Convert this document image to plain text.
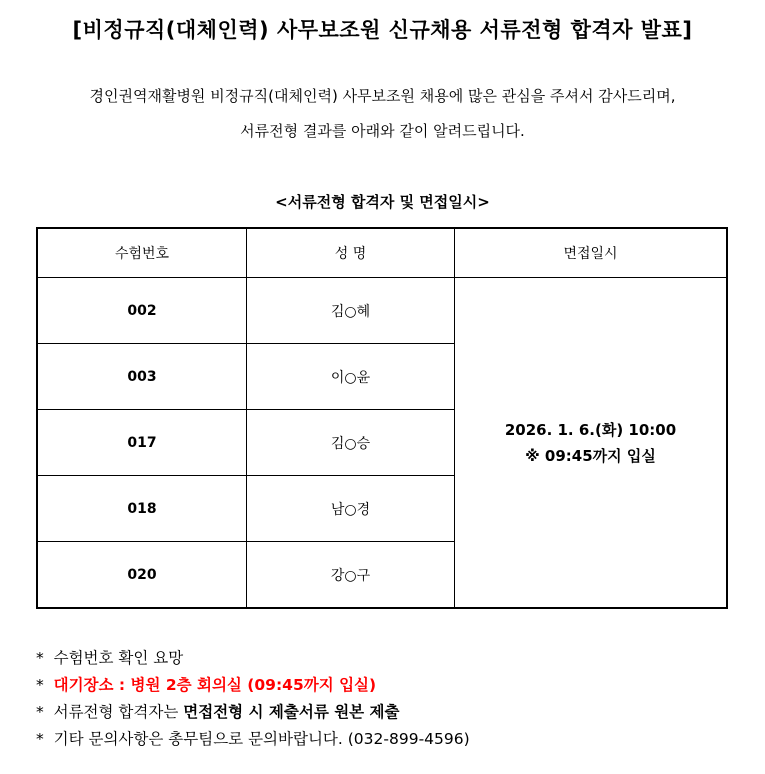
[비정규직(대체인력) 사무보조원 신규채용 서류전형 합격자 발표]
경인권역재활병원 비정규직(대체인력) 사무보조원 채용에 많은 관심을 주셔서 감사드리며,
서류전형 결과를 아래와 같이 알려드립니다.
<서류전형 합격자 및 면접일시>
수험번호	성 명	면접일시
002	김○혜	2026. 1. 6.(화) 10:00
※ 09:45까지 입실

003	이○윤	
017	김○승	
018	남○경	
020	강○구	
* 수험번호 확인 요망
* 대기장소 : 병원 2층 회의실 (09:45까지 입실)
* 서류전형 합격자는 면접전형 시 제출서류 원본 제출
* 기타 문의사항은 총무팀으로 문의바랍니다. (032-899-4596)
